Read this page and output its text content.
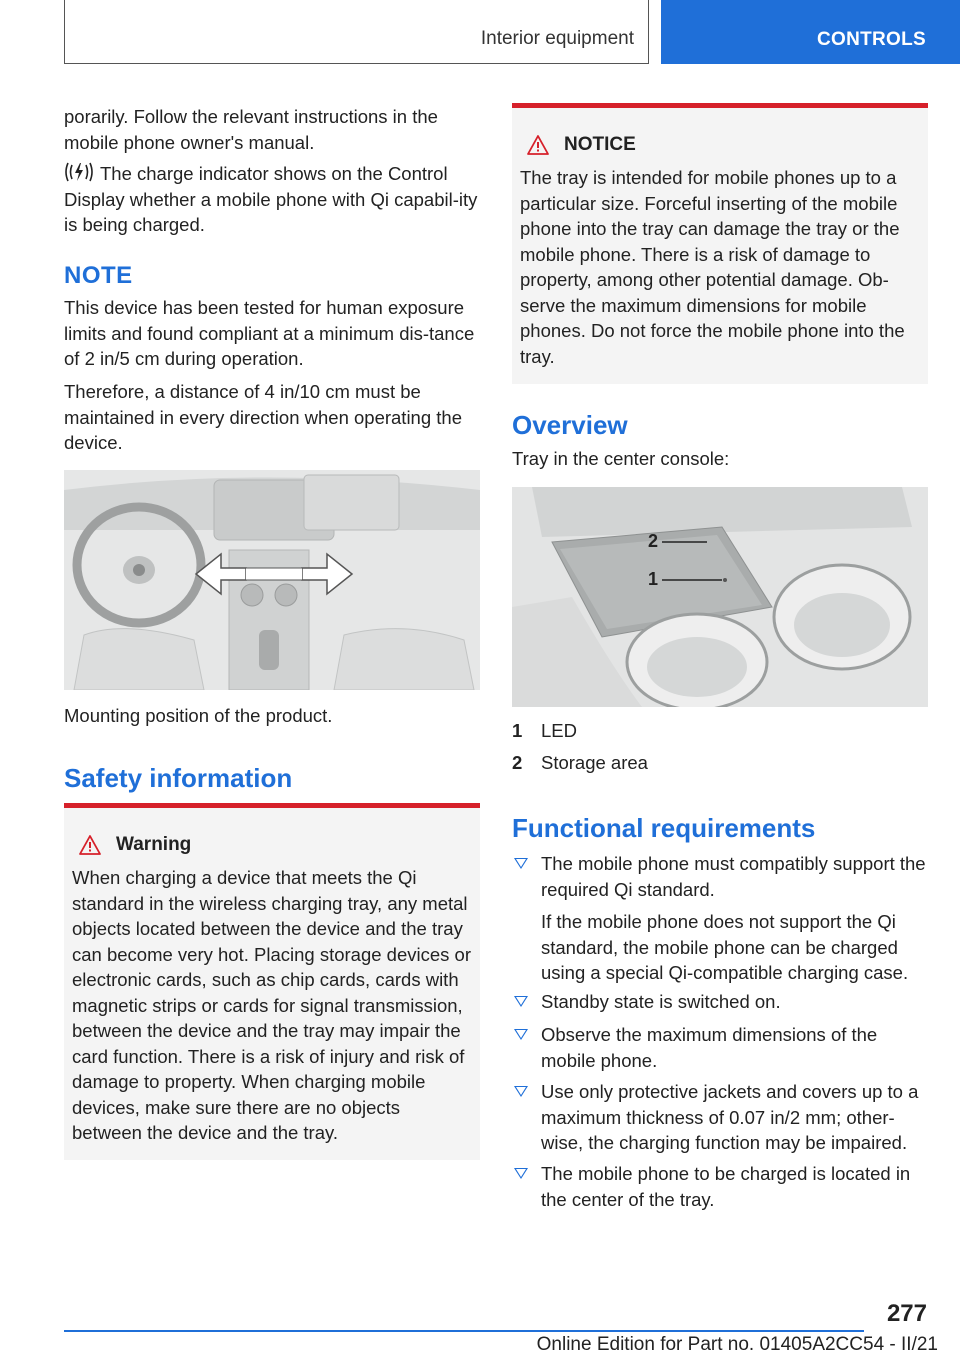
Interior equipment	CONTROLS

porarily. Follow the relevant instructions in the mobile phone owner's manual.

The charge indicator shows on the Control Display whether a mobile phone with Qi capabil-ity is being charged.

NOTE

This device has been tested for human exposure limits and found compliant at a minimum dis-tance of 2 in/5 cm during operation.

Therefore, a distance of 4 in/10 cm must be maintained in every direction when operating the device.

Mounting position of the product.

Safety information
Warning

When charging a device that meets the Qi standard in the wireless charging tray, any metal objects located between the device and the tray can become very hot. Placing storage devices or electronic cards, such as chip cards, cards with magnetic strips or cards for signal transmission, between the device and the tray may impair the card function. There is a risk of injury and risk of damage to property. When charging mobile devices, make sure there are no objects between the device and the tray.

NOTICE

The tray is intended for mobile phones up to a particular size. Forceful inserting of the mobile phone into the tray can damage the tray or the mobile phone. There is a risk of damage to property, among other potential damage. Ob-serve the maximum dimensions for mobile phones. Do not force the mobile phone into the tray.

Overview

Tray in the center console:

2
1
1 LED
2 Storage area
Functional requirements

The mobile phone must compatibly support the required Qi standard.

If the mobile phone does not support the Qi standard, the mobile phone can be charged using a special Qi-compatible charging case.

Standby state is switched on.

Observe the maximum dimensions of the mobile phone.

Use only protective jackets and covers up to a maximum thickness of 0.07 in/2 mm; other-wise, the charging function may be impaired.

The mobile phone to be charged is located in the center of the tray.

277
Online Edition for Part no. 01405A2CC54 - II/21
